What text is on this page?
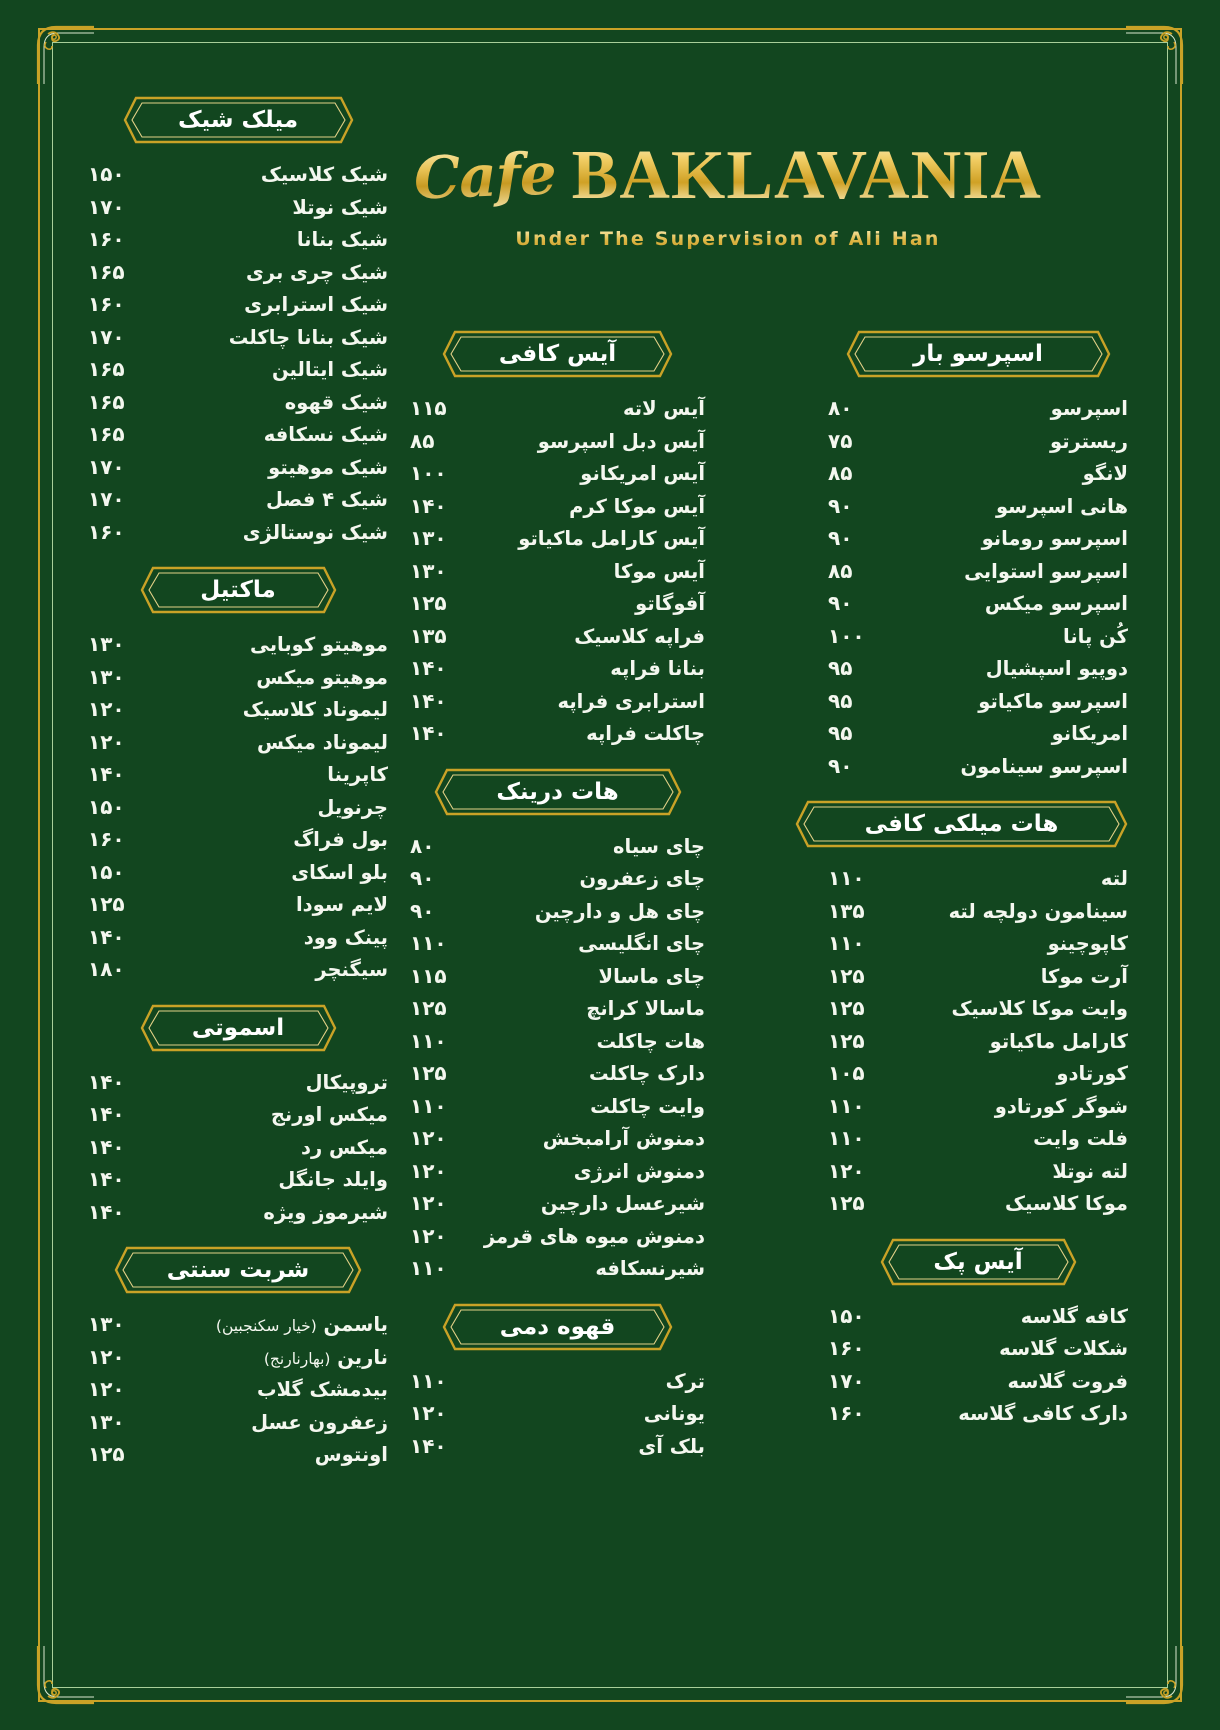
Cafe BAKLAVANIA
Under The Supervision of Ali Han
میلک شیک
شیک کلاسیک
·····
۱۵۰
شیک نوتلا
·····
۱۷۰
شیک بنانا
·····
۱۶۰
شیک چری بری
·····
۱۶۵
شیک استرابری
·····
۱۶۰
شیک بنانا چاکلت
·····
۱۷۰
شیک ایتالین
·····
۱۶۵
شیک قهوه
·····
۱۶۵
شیک نسکافه
·····
۱۶۵
شیک موهیتو
·····
۱۷۰
شیک ۴ فصل
·····
۱۷۰
شیک نوستالژی
·····
۱۶۰
ماکتیل
موهیتو کوبایی
·····
۱۳۰
موهیتو میکس
·····
۱۳۰
لیموناد کلاسیک
·····
۱۲۰
لیموناد میکس
·····
۱۲۰
کاپرینا
·····
۱۴۰
چرنویل
·····
۱۵۰
بول فراگ
·····
۱۶۰
بلو اسکای
·····
۱۵۰
لایم سودا
·····
۱۲۵
پینک وود
·····
۱۴۰
سیگنچر
·····
۱۸۰
اسموتی
تروپیکال
·····
۱۴۰
میکس اورنج
·····
۱۴۰
میکس رد
·····
۱۴۰
وایلد جانگل
·····
۱۴۰
شیرموز ویژه
·····
۱۴۰
شربت سنتی
یاسمن (خیار سکنجبین)
·····
۱۳۰
نارین (بهارنارنج)
·····
۱۲۰
بیدمشک گلاب
·····
۱۲۰
زعفرون عسل
·····
۱۳۰
اونتوس
·····
۱۲۵
آیس کافی
آیس لاته
·····
۱۱۵
آیس دبل اسپرسو
·····
۸۵
آیس امریکانو
·····
۱۰۰
آیس موکا کرم
·····
۱۴۰
آیس کارامل ماکیاتو
·····
۱۳۰
آیس موکا
·····
۱۳۰
آفوگاتو
·····
۱۲۵
فراپه کلاسیک
·····
۱۳۵
بنانا فراپه
·····
۱۴۰
استرابری فراپه
·····
۱۴۰
چاکلت فراپه
·····
۱۴۰
هات درینک
چای سیاه
·····
۸۰
چای زعفرون
·····
۹۰
چای هل و دارچین
·····
۹۰
چای انگلیسی
·····
۱۱۰
چای ماسالا
·····
۱۱۵
ماسالا کرانچ
·····
۱۲۵
هات چاکلت
·····
۱۱۰
دارک چاکلت
·····
۱۲۵
وایت چاکلت
·····
۱۱۰
دمنوش آرامبخش
·····
۱۲۰
دمنوش انرژی
·····
۱۲۰
شیرعسل دارچین
·····
۱۲۰
دمنوش میوه های قرمز
·····
۱۲۰
شیرنسکافه
·····
۱۱۰
قهوه دمی
ترک
·····
۱۱۰
یونانی
·····
۱۲۰
بلک آی
·····
۱۴۰
اسپرسو بار
اسپرسو
·····
۸۰
ریسترتو
·····
۷۵
لانگو
·····
۸۵
هانی اسپرسو
·····
۹۰
اسپرسو رومانو
·····
۹۰
اسپرسو استوایی
·····
۸۵
اسپرسو میکس
·····
۹۰
کُن پانا
·····
۱۰۰
دوپیو اسپشیال
·····
۹۵
اسپرسو ماکیاتو
·····
۹۵
امریکانو
·····
۹۵
اسپرسو سینامون
·····
۹۰
هات میلکی کافی
لته
·····
۱۱۰
سینامون دولچه لته
·····
۱۳۵
کاپوچینو
·····
۱۱۰
آرت موکا
·····
۱۲۵
وایت موکا کلاسیک
·····
۱۲۵
کارامل ماکیاتو
·····
۱۲۵
کورتادو
·····
۱۰۵
شوگر کورتادو
·····
۱۱۰
فلت وایت
·····
۱۱۰
لته نوتلا
·····
۱۲۰
موکا کلاسیک
·····
۱۲۵
آیس پک
کافه گلاسه
·····
۱۵۰
شکلات گلاسه
·····
۱۶۰
فروت گلاسه
·····
۱۷۰
دارک کافی گلاسه
·····
۱۶۰
